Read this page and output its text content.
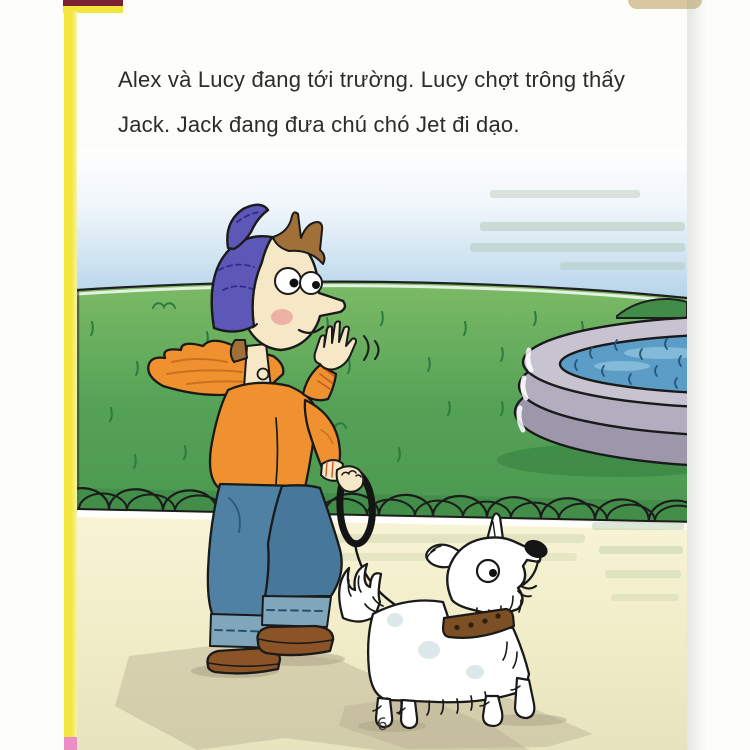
Alex và Lucy đang tới trường. Lucy chợt trông thấy
Jack. Jack đang đưa chú chó Jet đi dạo.
6
